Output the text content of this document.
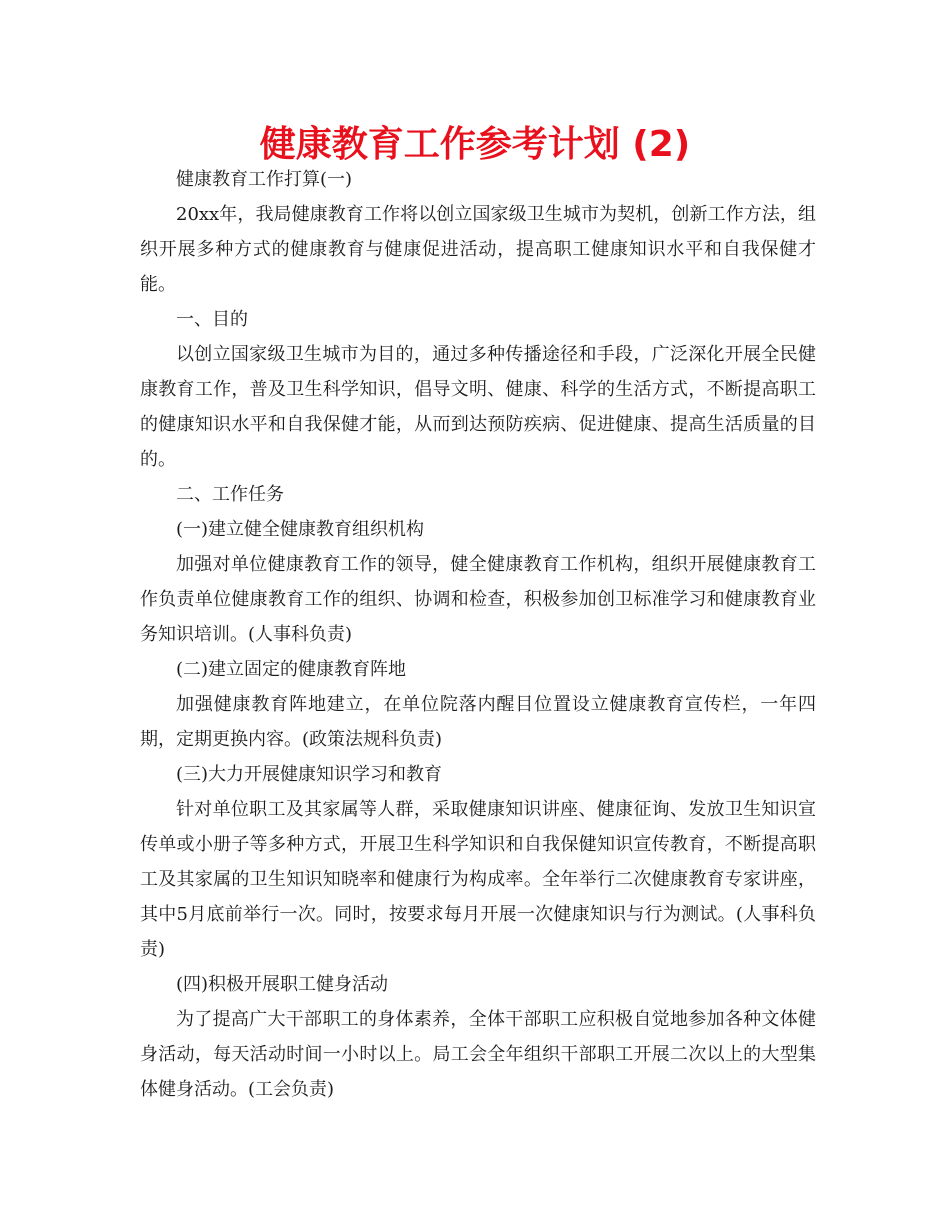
健康教育工作参考计划 (2)

健康教育工作打算(一)

20xx年，我局健康教育工作将以创立国家级卫生城市为契机，创新工作方法，组织开展多种方式的健康教育与健康促进活动，提高职工健康知识水平和自我保健才能。

一、目的

以创立国家级卫生城市为目的，通过多种传播途径和手段，广泛深化开展全民健康教育工作，普及卫生科学知识，倡导文明、健康、科学的生活方式，不断提高职工的健康知识水平和自我保健才能，从而到达预防疾病、促进健康、提高生活质量的目的。

二、工作任务

(一)建立健全健康教育组织机构

加强对单位健康教育工作的领导，健全健康教育工作机构，组织开展健康教育工作负责单位健康教育工作的组织、协调和检查，积极参加创卫标准学习和健康教育业务知识培训。(人事科负责)

(二)建立固定的健康教育阵地

加强健康教育阵地建立，在单位院落内醒目位置设立健康教育宣传栏，一年四期，定期更换内容。(政策法规科负责)

(三)大力开展健康知识学习和教育

针对单位职工及其家属等人群，采取健康知识讲座、健康征询、发放卫生知识宣传单或小册子等多种方式，开展卫生科学知识和自我保健知识宣传教育，不断提高职工及其家属的卫生知识知晓率和健康行为构成率。全年举行二次健康教育专家讲座，其中5月底前举行一次。同时，按要求每月开展一次健康知识与行为测试。(人事科负责)

(四)积极开展职工健身活动

为了提高广大干部职工的身体素养，全体干部职工应积极自觉地参加各种文体健身活动，每天活动时间一小时以上。局工会全年组织干部职工开展二次以上的大型集体健身活动。(工会负责)
